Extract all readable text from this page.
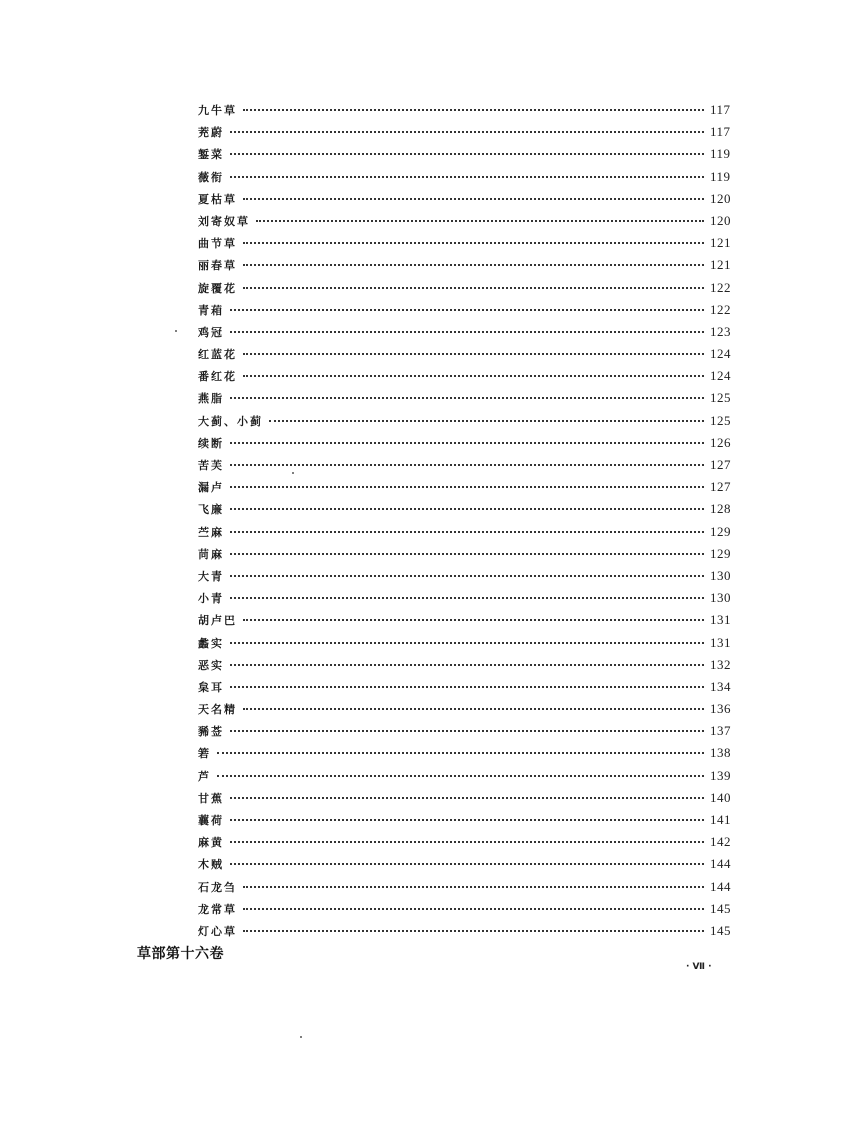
九牛草	117
茺蔚	117
錾菜	119
薇衔	119
夏枯草	120
刘寄奴草	120
曲节草	121
丽春草	121
旋覆花	122
青葙	122
鸡冠	123
红蓝花	124
番红花	124
燕脂	125
大蓟、小蓟	125
续断	126
苦芙	127
漏卢	127
飞廉	128
苎麻	129
苘麻	129
大青	130
小青	130
胡卢巴	131
蠡实	131
恶实	132
枲耳	134
天名精	136
豨莶	137
箬	138
芦	139
甘蕉	140
蘘荷	141
麻黄	142
木贼	144
石龙刍	144
龙常草	145
灯心草	145
草部第十六卷
· Ⅶ ·
